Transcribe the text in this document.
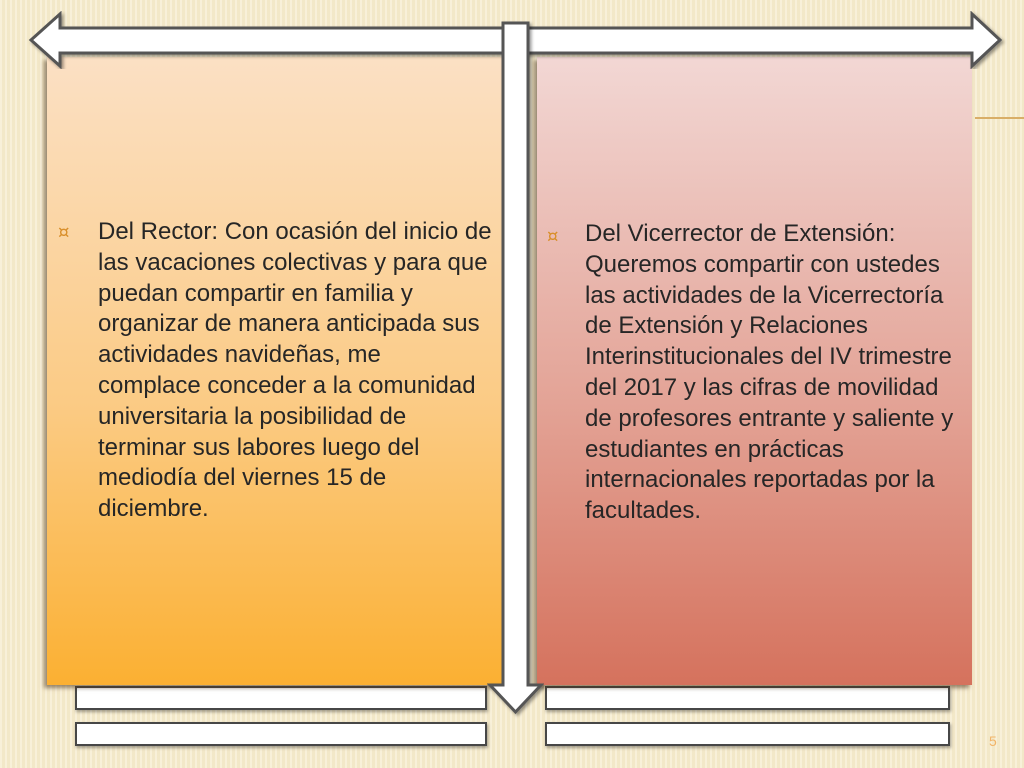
¤

Del Rector: Con ocasión del inicio de
las vacaciones colectivas y para que
puedan compartir en familia y
organizar de manera anticipada sus
actividades navideñas, me
complace conceder a la comunidad
universitaria la posibilidad de
terminar sus labores luego del
mediodía del viernes 15 de
diciembre.

¤

Del Vicerrector de Extensión:
Queremos compartir con ustedes
las actividades de la Vicerrectoría
de Extensión y Relaciones
Interinstitucionales del IV trimestre
del 2017 y las cifras de movilidad
de profesores entrante y saliente y
estudiantes en prácticas
internacionales reportadas por la
facultades.

5
